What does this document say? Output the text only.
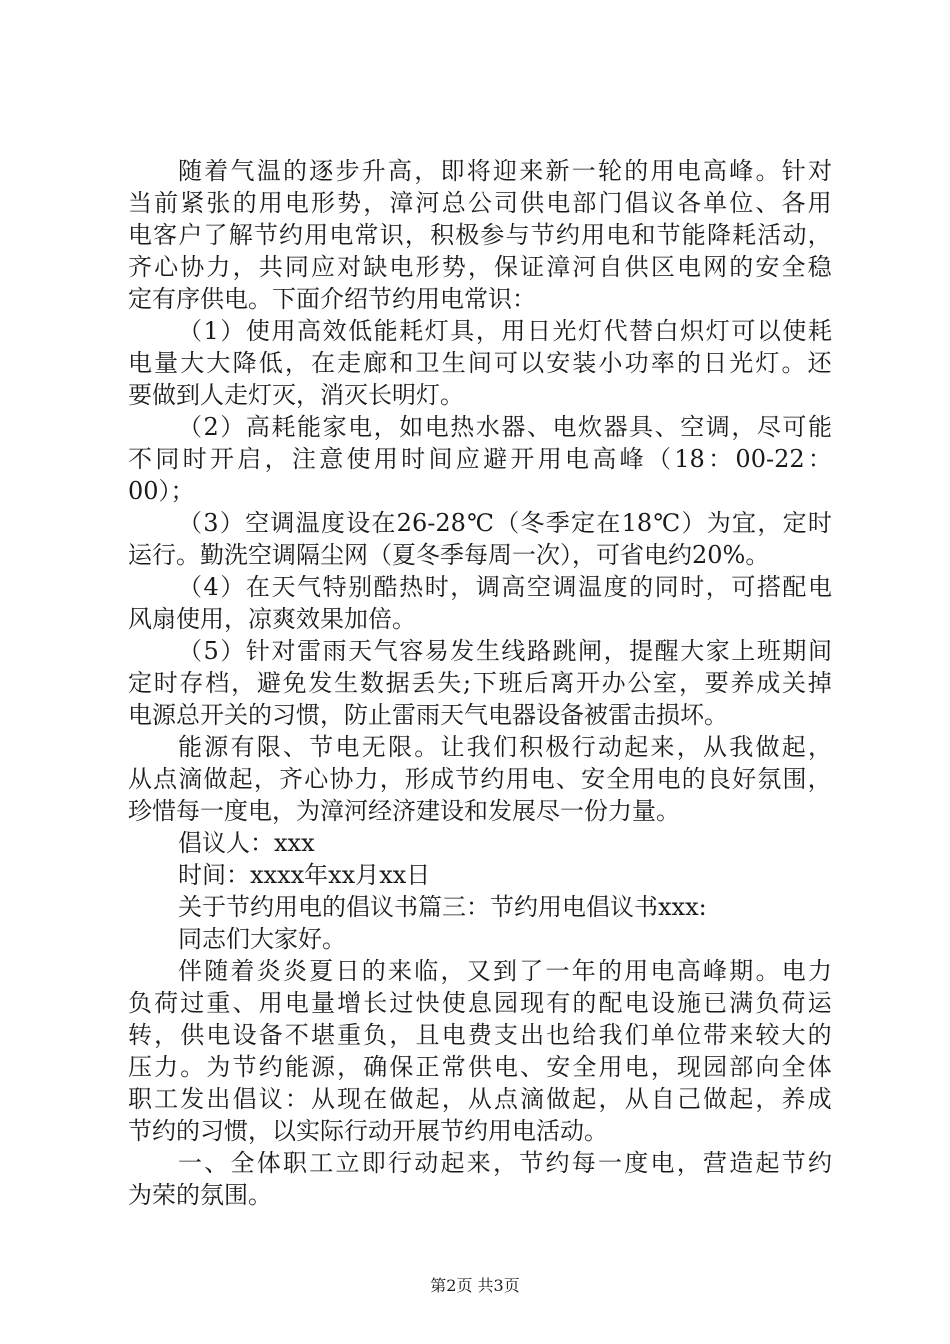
随 着 气 温 的 逐 步 升 高 ， 即 将 迎 来 新 一 轮 的 用 电 高 峰 。 针 对
当 前 紧 张 的 用 电 形 势 ， 漳 河 总 公 司 供 电 部 门 倡 议 各 单 位 、 各 用
电 客 户 了 解 节 约 用 电 常 识 ， 积 极 参 与 节 约 用 电 和 节 能 降 耗 活 动 ，
齐 心 协 力 ， 共 同 应 对 缺 电 形 势 ， 保 证 漳 河 自 供 区 电 网 的 安 全 稳
定有序供电。下面介绍节约用电常识：
（ 1 ） 使 用 高 效 低 能 耗 灯 具 ， 用 日 光 灯 代 替 白 炽 灯 可 以 使 耗
电 量 大 大 降 低 ， 在 走 廊 和 卫 生 间 可 以 安 装 小 功 率 的 日 光 灯 。 还
要做到人走灯灭，消灭长明灯。
（ 2 ） 高 耗 能 家 电 ， 如 电 热 水 器 、 电 炊 器 具 、 空 调 ， 尽 可 能
不 同 时 开 启 ， 注 意 使 用 时 间 应 避 开 用 电 高 峰 （ 18 ： 00-22 ：
00）；
（ 3 ） 空 调 温 度 设 在 26-28 ℃ （ 冬 季 定 在 18 ℃ ） 为 宜 ， 定 时
运行。勤洗空调隔尘网（夏冬季每周一次），可省电约20%。
（ 4 ） 在 天 气 特 别 酷 热 时 ， 调 高 空 调 温 度 的 同 时 ， 可 搭 配 电
风扇使用，凉爽效果加倍。
（ 5 ） 针 对 雷 雨 天 气 容 易 发 生 线 路 跳 闸 ， 提 醒 大 家 上 班 期 间
定 时 存 档 ， 避 免 发 生 数 据 丢 失 ; 下 班 后 离 开 办 公 室 ， 要 养 成 关 掉
电源总开关的习惯，防止雷雨天气电器设备被雷击损坏。
能 源 有 限 、 节 电 无 限 。 让 我 们 积 极 行 动 起 来 ， 从 我 做 起 ，
从 点 滴 做 起 ， 齐 心 协 力 ， 形 成 节 约 用 电 、 安 全 用 电 的 良 好 氛 围 ，
珍惜每一度电，为漳河经济建设和发展尽一份力量。
倡议人：xxx
时间：xxxx年xx月xx日
关于节约用电的倡议书篇三：节约用电倡议书xxx:
同志们大家好。
伴 随 着 炎 炎 夏 日 的 来 临 ， 又 到 了 一 年 的 用 电 高 峰 期 。 电 力
负 荷 过 重 、 用 电 量 增 长 过 快 使 息 园 现 有 的 配 电 设 施 已 满 负 荷 运
转 ， 供 电 设 备 不 堪 重 负 ， 且 电 费 支 出 也 给 我 们 单 位 带 来 较 大 的
压 力 。 为 节 约 能 源 ， 确 保 正 常 供 电 、 安 全 用 电 ， 现 园 部 向 全 体
职 工 发 出 倡 议 ： 从 现 在 做 起 ， 从 点 滴 做 起 ， 从 自 己 做 起 ， 养 成
节约的习惯，以实际行动开展节约用电活动。
一 、 全 体 职 工 立 即 行 动 起 来 ， 节 约 每 一 度 电 ， 营 造 起 节 约
为荣的氛围。
第2页 共3页
